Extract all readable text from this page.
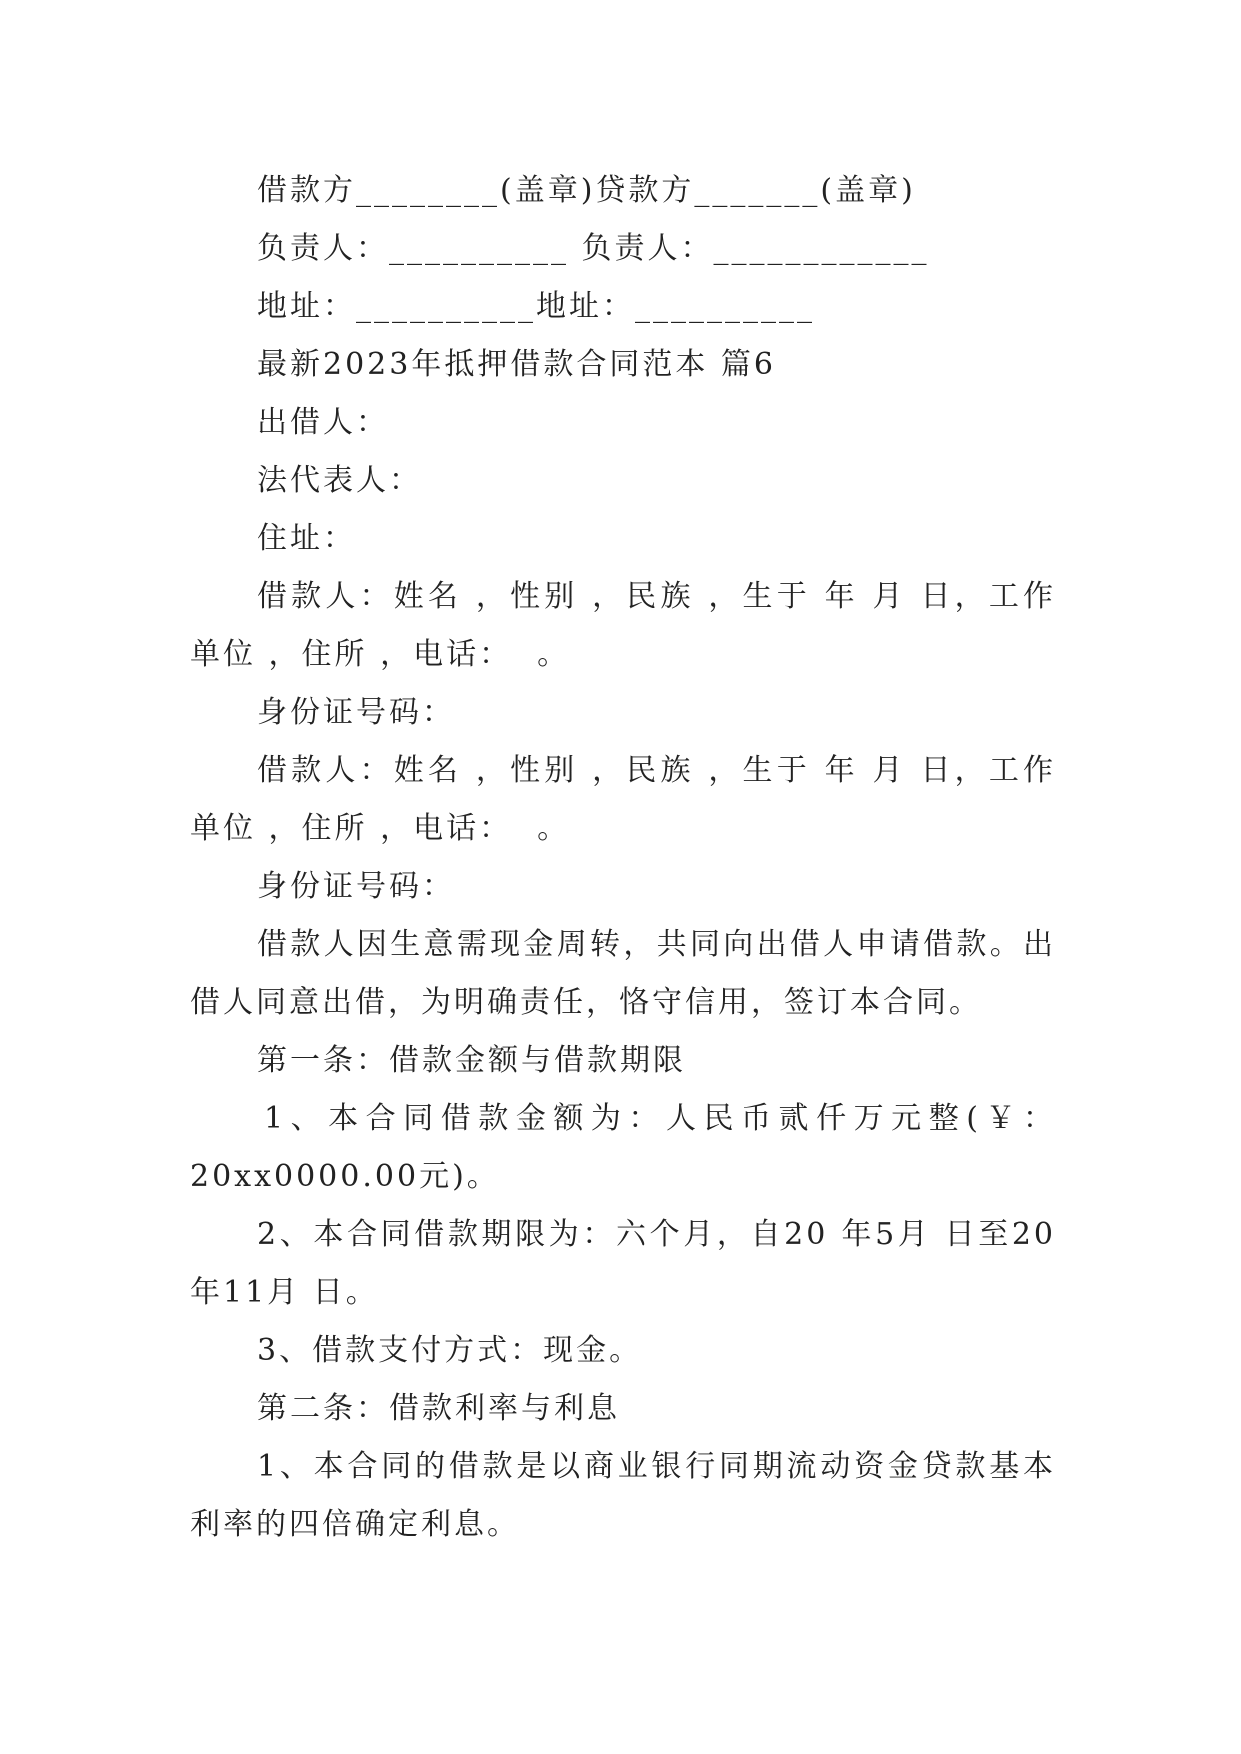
借款方________(盖章)贷款方_______(盖章)
负责人：__________ 负责人：____________
地址：__________地址：__________
最新2023年抵押借款合同范本 篇6
出借人：
法代表人：
住址：
借款人：姓名 ，性别 ，民族 ，生于 年 月 日，工作
单位 ，住所 ，电话：  。
身份证号码：
借款人：姓名 ，性别 ，民族 ，生于 年 月 日，工作
单位 ，住所 ，电话：  。
身份证号码：
借款人因生意需现金周转，共同向出借人申请借款。出
借人同意出借，为明确责任，恪守信用，签订本合同。
第一条：借款金额与借款期限
1、本合同借款金额为：人民币贰仟万元整(￥：
20xx0000.00元)。
2、本合同借款期限为：六个月，自20 年5月 日至20
年11月 日。
3、借款支付方式：现金。
第二条：借款利率与利息
1、本合同的借款是以商业银行同期流动资金贷款基本
利率的四倍确定利息。
